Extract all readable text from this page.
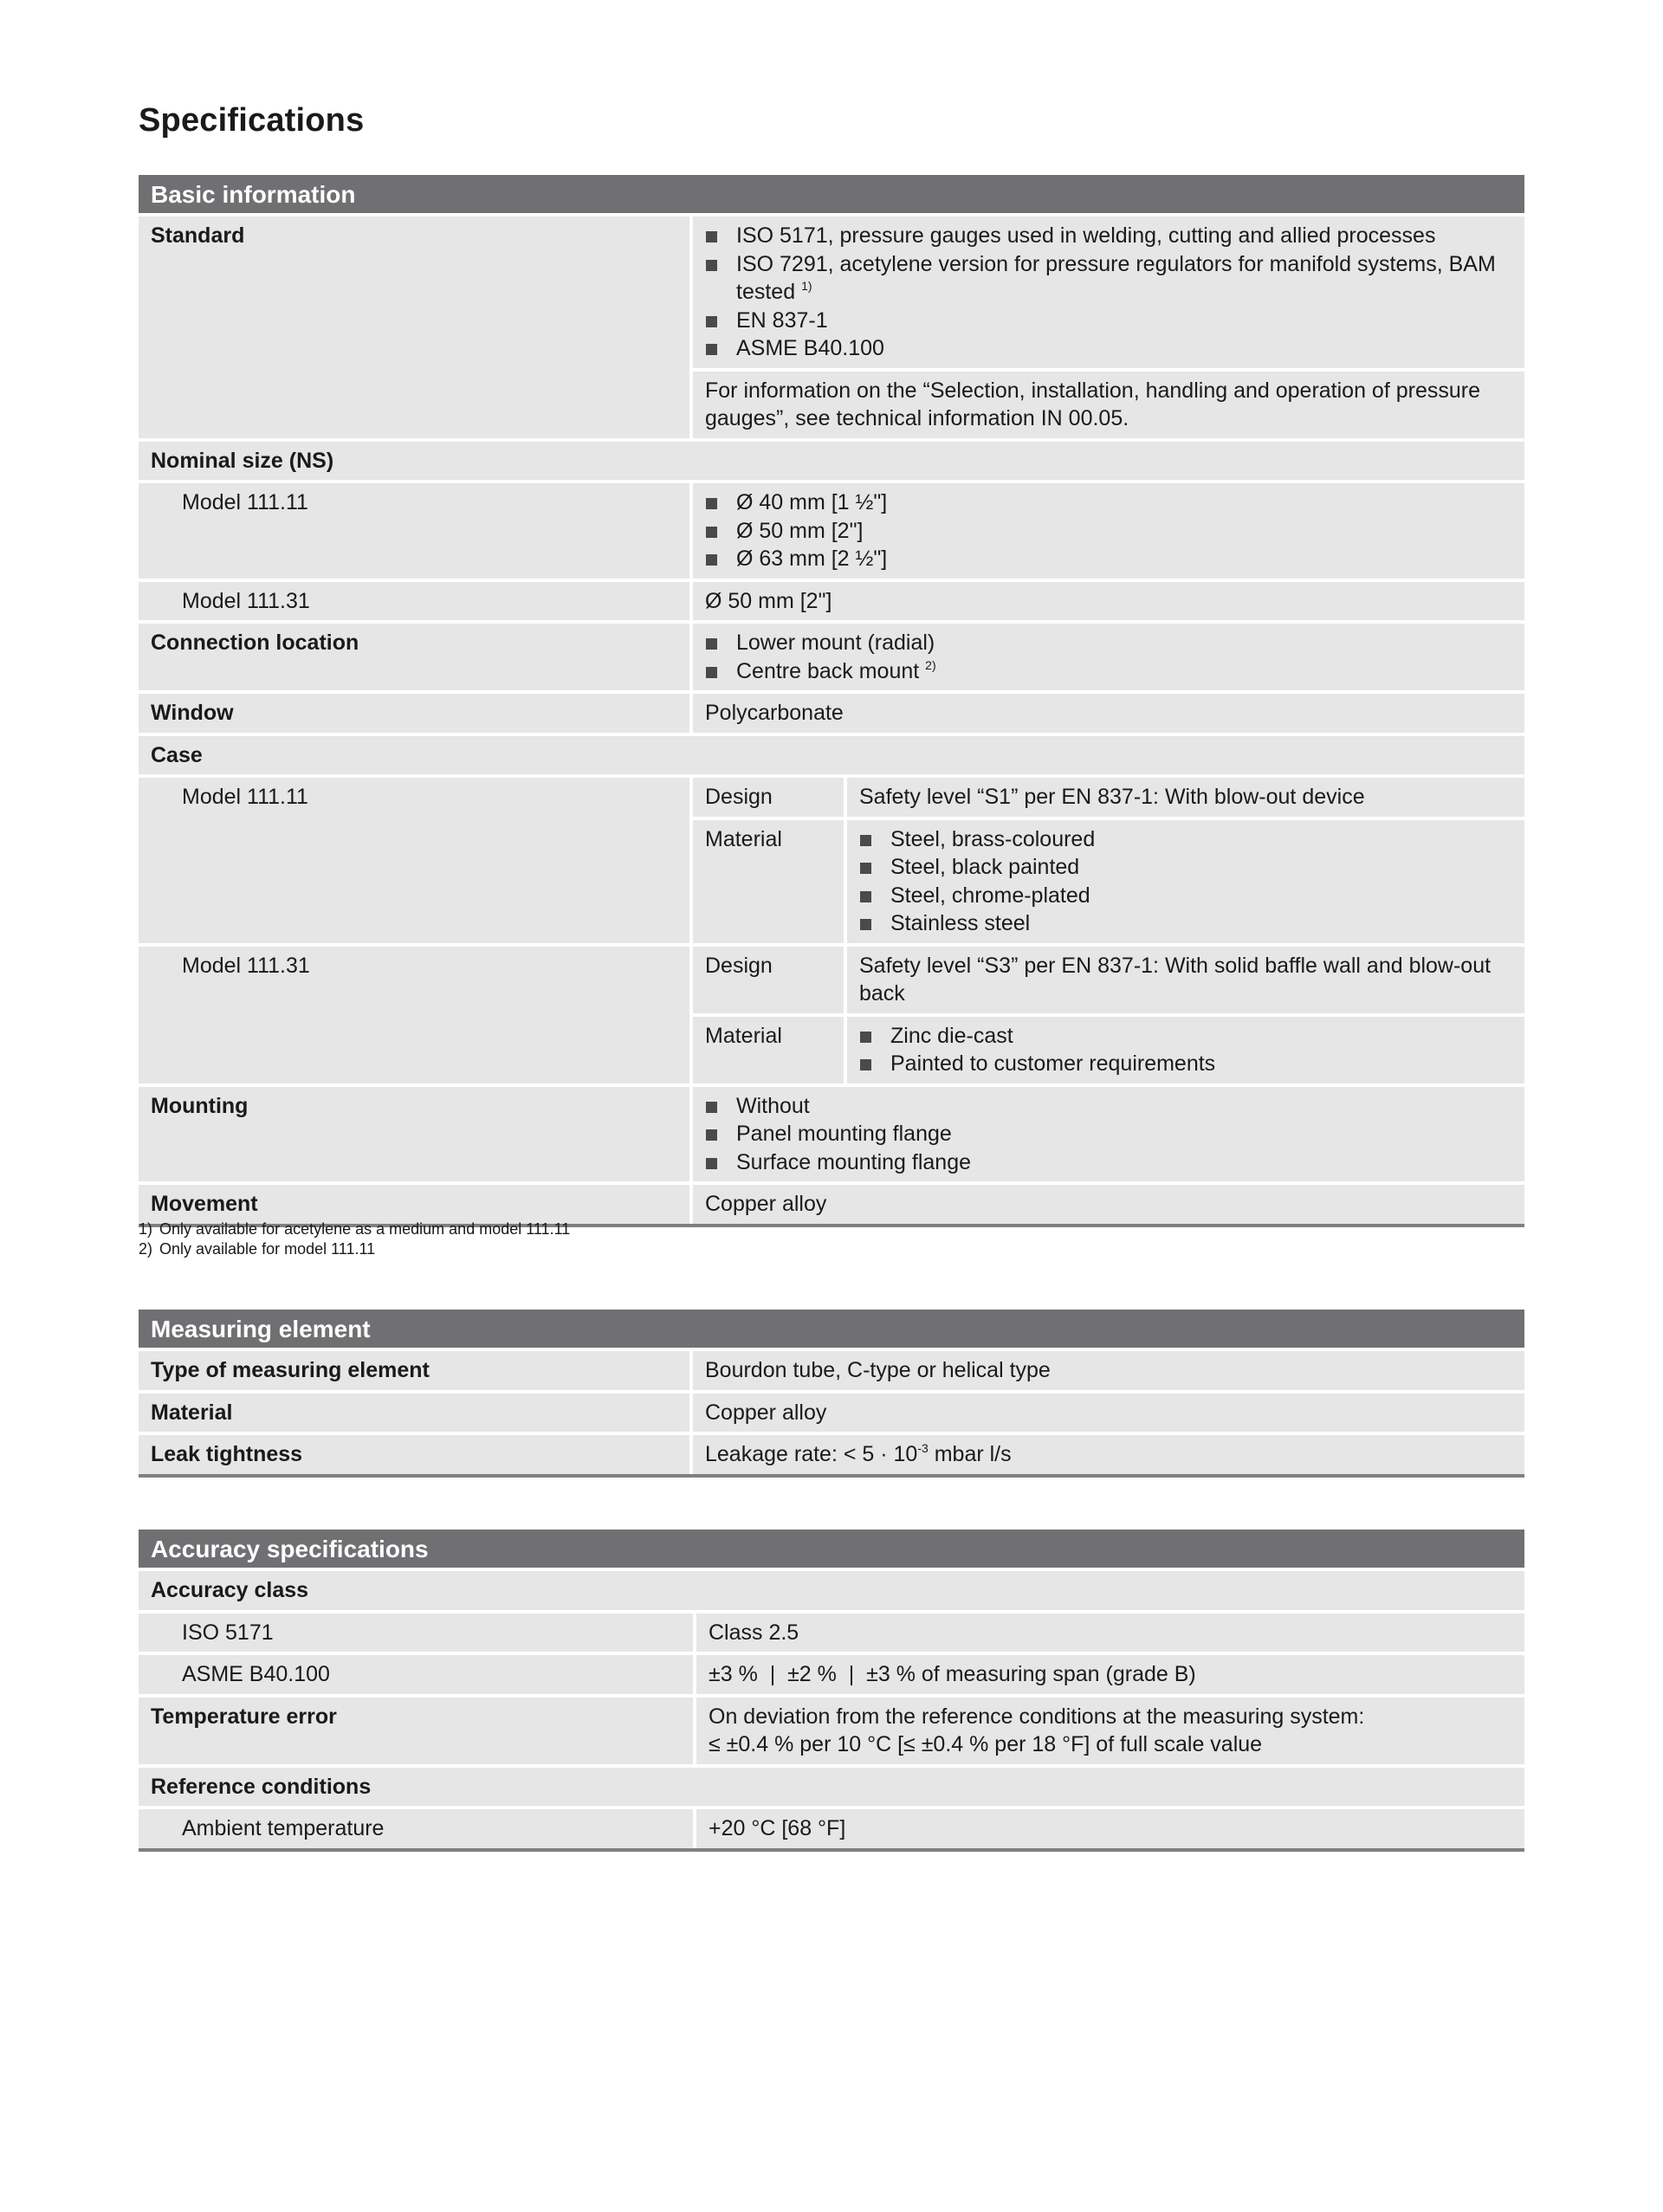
Specifications
Basic information
Standard	ISO 5171, pressure gauges used in welding, cutting and allied processes
ISO 7291, acetylene version for pressure regulators for manifold systems, BAM tested $^{1)}$
EN 837-1
ASME B40.100
For information on the “Selection, installation, handling and operation of pressure gauges”, see technical information IN 00.05.
Nominal size (NS)
Model 111.11	Ø 40 mm [1 ½"]
Ø 50 mm [2"]
Ø 63 mm [2 ½"]
Model 111.31	Ø 50 mm [2"]
Connection location	Lower mount (radial)
Centre back mount $^{2)}$
Window	Polycarbonate
Case
Model 111.11	Design	Safety level “S1” per EN 837-1: With blow-out device
Material	Steel, brass-coloured
Steel, black painted
Steel, chrome-plated
Stainless steel
Model 111.31	Design	Safety level “S3” per EN 837-1: With solid baffle wall and blow-out back
Material	Zinc die-cast
Painted to customer requirements
Mounting	Without
Panel mounting flange
Surface mounting flange
Movement	Copper alloy
1) Only available for acetylene as a medium and model 111.11
2) Only available for model 111.11
Measuring element
Type of measuring element	Bourdon tube, C-type or helical type
Material	Copper alloy
Leak tightness	Leakage rate: < $5 \cdot 10^{-3}$ mbar l/s
Accuracy specifications
Accuracy class
ISO 5171	Class 2.5
ASME B40.100	±3 %  |  ±2 %  |  ±3 % of measuring span (grade B)
Temperature error	On deviation from the reference conditions at the measuring system:
≤ ±0.4 % per 10 °C [≤ ±0.4 % per 18 °F] of full scale value
Reference conditions
Ambient temperature	+20 °C [68 °F]
